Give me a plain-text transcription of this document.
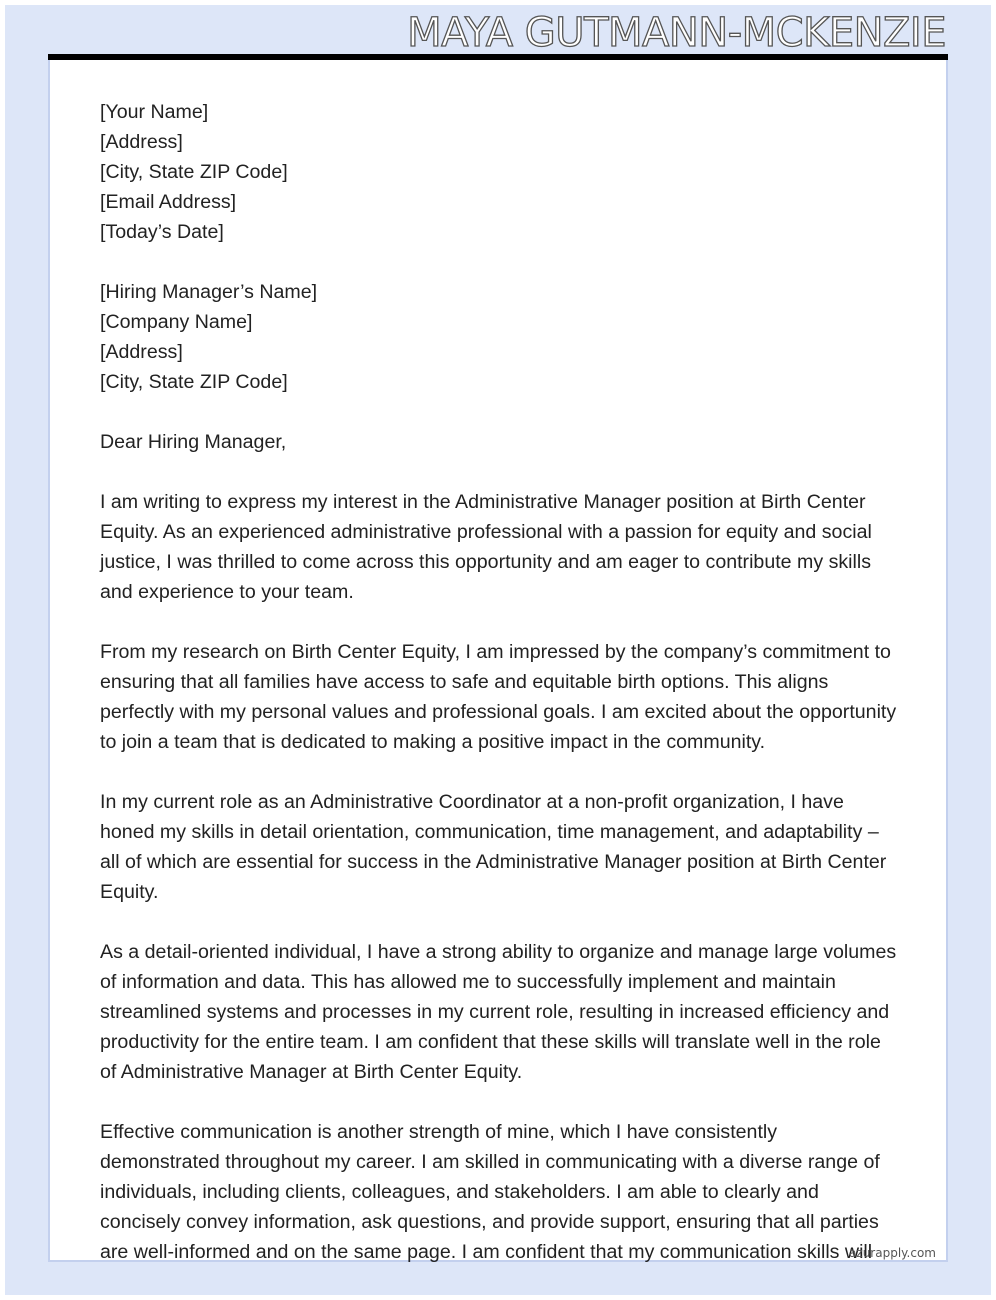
MAYA GUTMANN-MCKENZIE
[Your Name]
[Address]
[City, State ZIP Code]
[Email Address]
[Today’s Date]
[Hiring Manager’s Name]
[Company Name]
[Address]
[City, State ZIP Code]

Dear Hiring Manager,

I am writing to express my interest in the Administrative Manager position at Birth Center Equity. As an experienced administrative professional with a passion for equity and social justice, I was thrilled to come across this opportunity and am eager to contribute my skills and experience to your team.

From my research on Birth Center Equity, I am impressed by the company’s commitment to ensuring that all families have access to safe and equitable birth options. This aligns perfectly with my personal values and professional goals. I am excited about the opportunity to join a team that is dedicated to making a positive impact in the community.

In my current role as an Administrative Coordinator at a non-profit organization, I have honed my skills in detail orientation, communication, time management, and adaptability – all of which are essential for success in the Administrative Manager position at Birth Center Equity.

As a detail-oriented individual, I have a strong ability to organize and manage large volumes of information and data. This has allowed me to successfully implement and maintain streamlined systems and processes in my current role, resulting in increased efficiency and productivity for the entire team. I am confident that these skills will translate well in the role of Administrative Manager at Birth Center Equity.

Effective communication is another strength of mine, which I have consistently demonstrated throughout my career. I am skilled in communicating with a diverse range of individuals, including clients, colleagues, and stakeholders. I am able to clearly and concisely convey information, ask questions, and provide support, ensuring that all parties are well-informed and on the same page. I am confident that my communication skills will

azurapply.com
